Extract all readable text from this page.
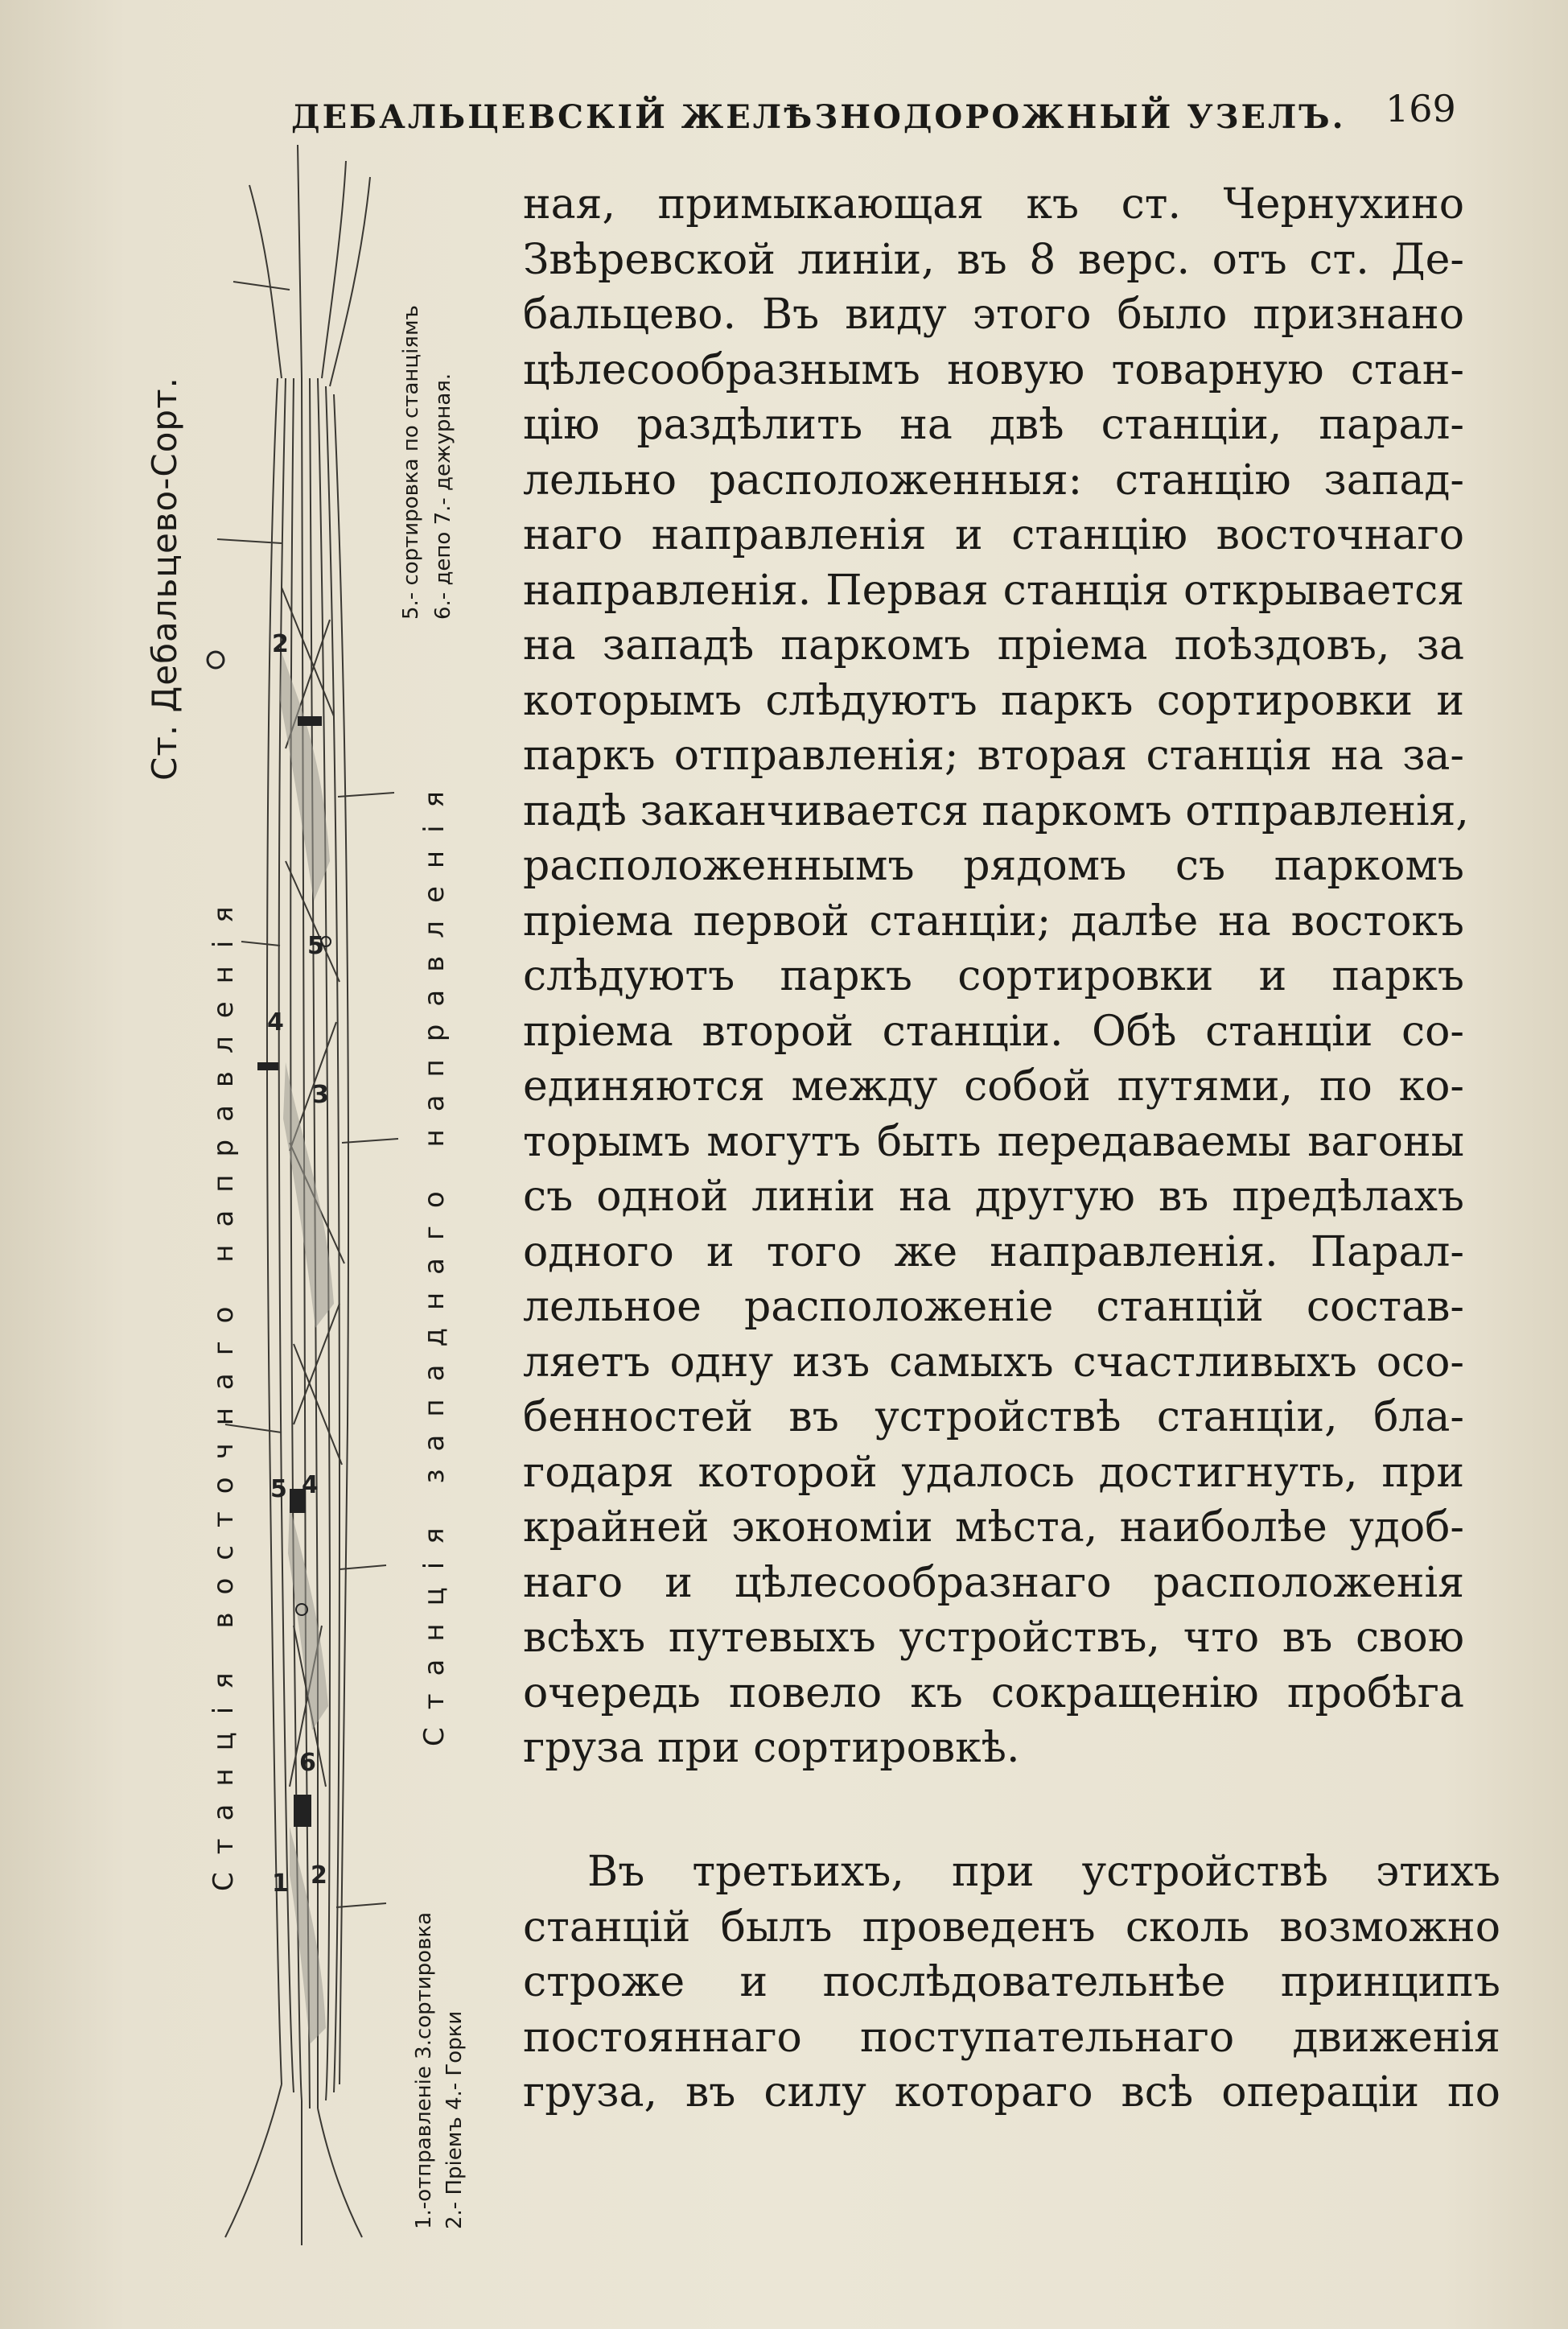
ДЕБАЛЬЦЕВСКІЙ ЖЕЛѢЗНОДОРОЖНЫЙ УЗЕЛЪ. 169
4
5
3
5 4
6
1 2
2
Ст. Дебальцево-Сорт.
Станція восточнаго направленія	Станція западнаго направленія
5.- сортировка по станціямъ 6.- депо 7.- дежурная.
1.-отправленіе 3.сортировка 2.- Пріемъ 4.- Горки
ная, примыкающая къ ст. Чернухино
Звѣревской линіи, въ 8 верс. отъ ст. Де-
бальцево. Въ виду этого было признано
цѣлесообразнымъ новую товарную стан-
цію раздѣлить на двѣ станціи, парал-
лельно расположенныя: станцію запад-
наго направленія и станцію восточнаго
направленія. Первая станція открывается
на западѣ паркомъ пріема поѣздовъ, за
которымъ слѣдуютъ паркъ сортировки и
паркъ отправленія; вторая станція на за-
падѣ заканчивается паркомъ отправленія,
расположеннымъ рядомъ съ паркомъ
пріема первой станціи; далѣе на востокъ
слѣдуютъ паркъ сортировки и паркъ
пріема второй станціи. Обѣ станціи со-
единяются между собой путями, по ко-
торымъ могутъ быть передаваемы вагоны
съ одной линіи на другую въ предѣлахъ
одного и того же направленія. Парал-
лельное расположеніе станцій состав-
ляетъ одну изъ самыхъ счастливыхъ осо-
бенностей въ устройствѣ станціи, бла-
годаря которой удалось достигнуть, при
крайней экономіи мѣста, наиболѣе удоб-
наго и цѣлесообразнаго расположенія
всѣхъ путевыхъ устройствъ, что въ свою
очередь повело къ сокращенію пробѣга
груза при сортировкѣ.
Въ третьихъ, при устройствѣ этихъ
станцій былъ проведенъ сколь возможно
строже и послѣдовательнѣе принципъ
постояннаго поступательнаго движенія
груза, въ силу котораго всѣ операціи по
